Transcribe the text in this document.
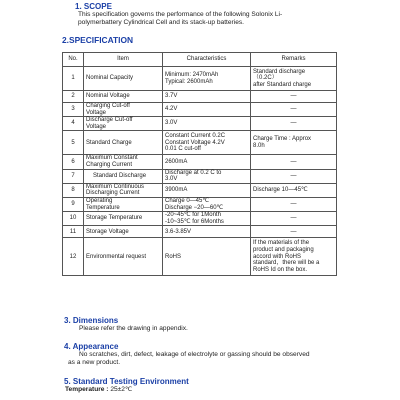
1. SCOPE
This specification governs the performance of the following Solonix Li-
polymerbattery Cylindrical Cell and its stack-up batteries.
2.SPECIFICATION
No.	Item	Characteristics	Remarks
1	Nominal Capacity	Minimum: 2470mAh
Typical: 2600mAh	Standard discharge
（0.2C）
after Standard charge

2	Nominal Voltage	3.7V	—

3	Charging Cut-off
Voltage	4.2V	—

4	Discharge Cut-off
Voltage	3.0V	—

5	Standard Charge	Constant Current 0.2C
Constant Voltage 4.2V
0.01 C cut-off	Charge Time : Approx
8.0h

6	Maximum Constant
Charging Current	2600mA	—

7	Standard Discharge	Discharge at 0.2 C to
3.0V	—

8	Maximum Continuous
Discharging Current	3900mA	Discharge 10—45℃

9	Operating
Temperature	Charge 0—45℃
Discharge −20—60℃	—

10	Storage Temperature	-20~45℃ for 1Month
-10~35℃ for 6Months	—

11	Storage Voltage	3.6-3.85V	—

12	Environmental request	RoHS	If the materials of the
product and packaging
accord with RoHS
standard，there will be a
RoHS Id on the box.
3. Dimensions
Please refer the drawing in appendix.
4. Appearance
No scratches, dirt, defect, leakage of electrolyte or gassing should be observed
as a new product.
5. Standard Testing Environment
Temperature : 25±2℃
